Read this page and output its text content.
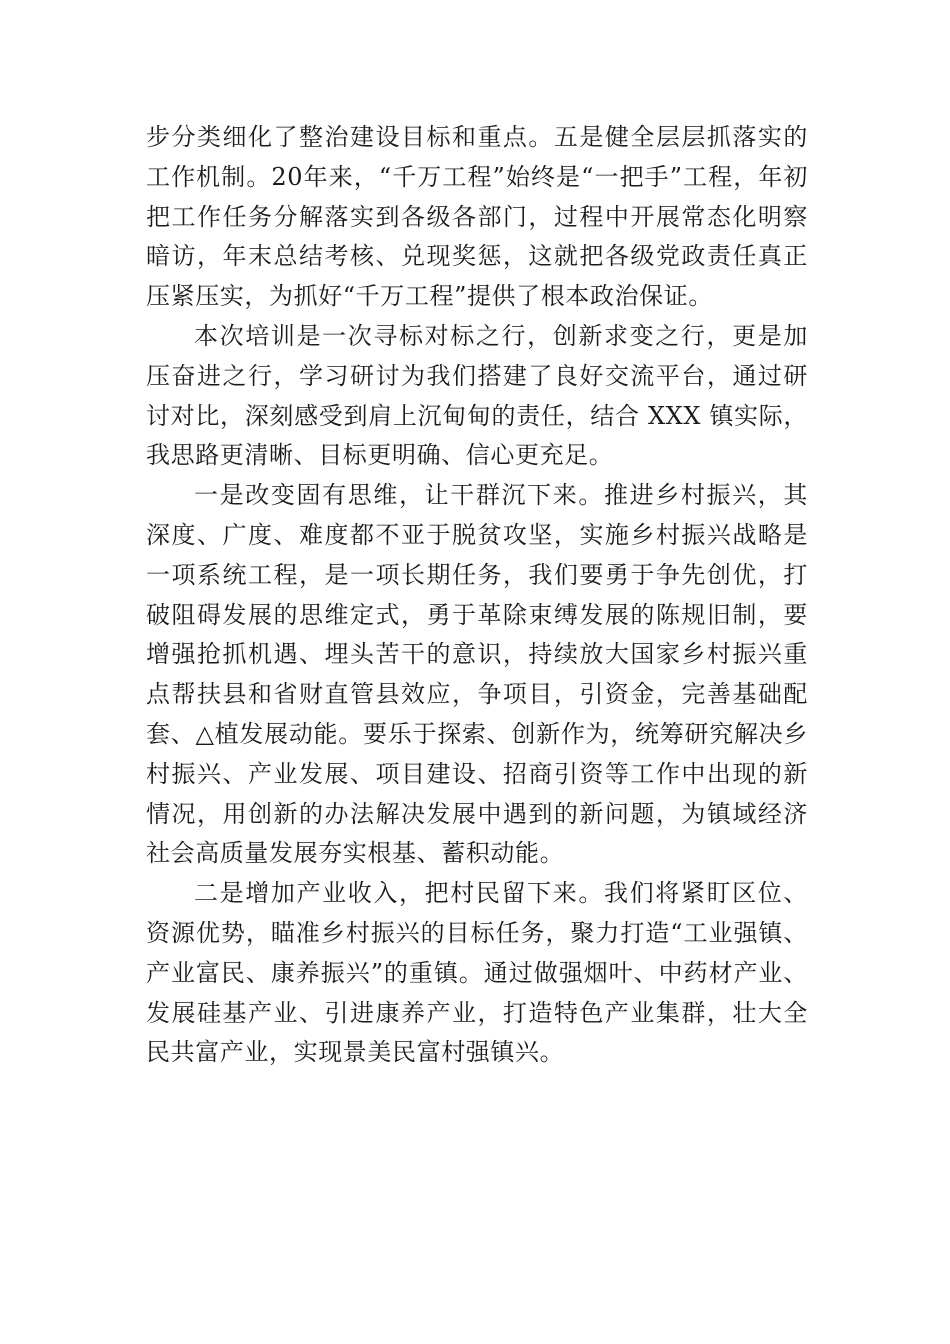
步分类细化了整治建设目标和重点。五是健全层层抓落实的工作机制。20年来，“千万工程”始终是“一把手”工程，年初把工作任务分解落实到各级各部门，过程中开展常态化明察暗访，年末总结考核、兑现奖惩，这就把各级党政责任真正压紧压实，为抓好“千万工程”提供了根本政治保证。

本次培训是一次寻标对标之行，创新求变之行，更是加压奋进之行，学习研讨为我们搭建了良好交流平台，通过研讨对比，深刻感受到肩上沉甸甸的责任，结合 XXX 镇实际，我思路更清晰、目标更明确、信心更充足。

一是改变固有思维，让干群沉下来。推进乡村振兴，其深度、广度、难度都不亚于脱贫攻坚，实施乡村振兴战略是一项系统工程，是一项长期任务，我们要勇于争先创优，打破阻碍发展的思维定式，勇于革除束缚发展的陈规旧制，要增强抢抓机遇、埋头苦干的意识，持续放大国家乡村振兴重点帮扶县和省财直管县效应，争项目，引资金，完善基础配套、△植发展动能。要乐于探索、创新作为，统筹研究解决乡村振兴、产业发展、项目建设、招商引资等工作中出现的新情况，用创新的办法解决发展中遇到的新问题，为镇域经济社会高质量发展夯实根基、蓄积动能。

二是增加产业收入，把村民留下来。我们将紧盯区位、资源优势，瞄准乡村振兴的目标任务，聚力打造“工业强镇、产业富民、康养振兴”的重镇。通过做强烟叶、中药材产业、发展硅基产业、引进康养产业，打造特色产业集群，壮大全民共富产业，实现景美民富村强镇兴。
